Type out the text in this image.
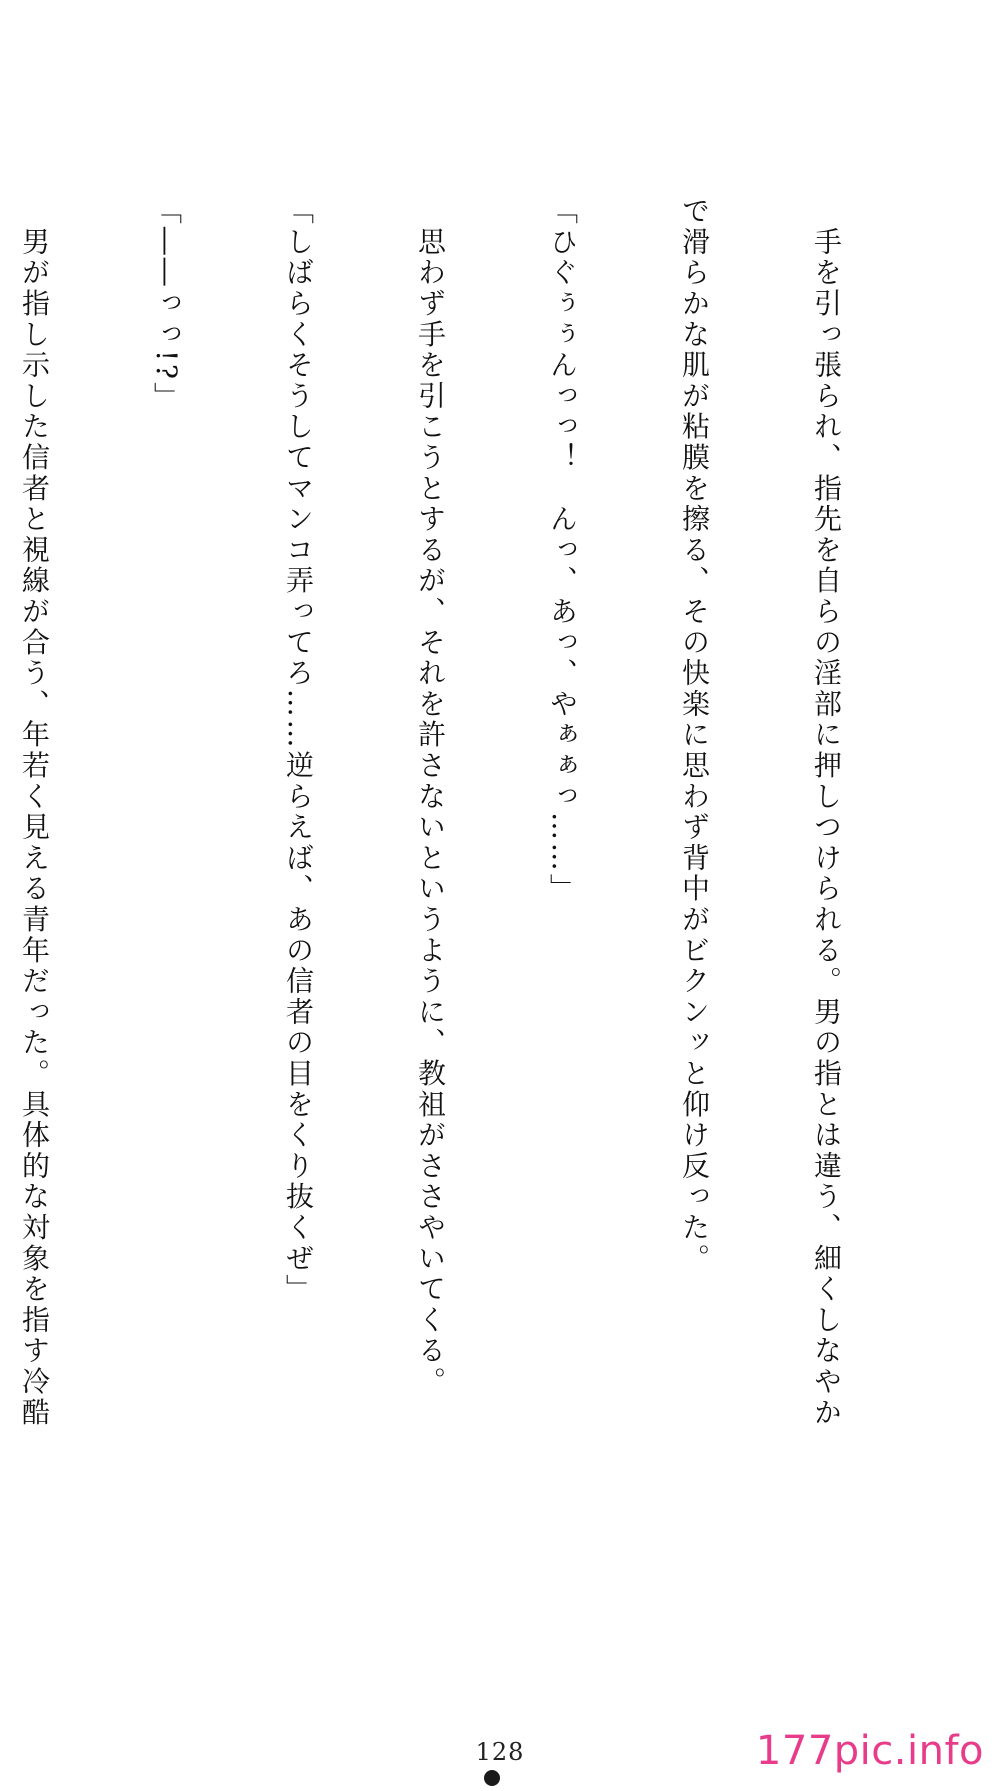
　手を引っ張られ、指先を自らの淫部に押しつけられる。男の指とは違う、細くしなやか

で滑らかな肌が粘膜を擦る、その快楽に思わず背中がビクンッと仰け反った。

「ひぐぅぅんっっ！　んっ、あっ、やぁぁっ……」

　思わず手を引こうとするが、それを許さないというように、教祖がささやいてくる。

「しばらくそうしてマンコ弄ってろ……逆らえば、あの信者の目をくり抜くぜ」

「――っっ!?」

　男が指し示した信者と視線が合う、年若く見える青年だった。具体的な対象を指す冷酷

128	177pic.info
